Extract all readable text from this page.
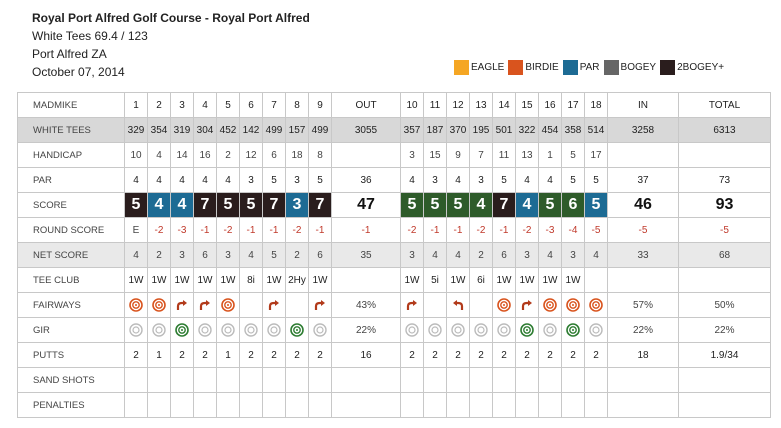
Royal Port Alfred Golf Course - Royal Port Alfred
White Tees 69.4 / 123
Port Alfred ZA
October 07, 2014	EAGLE BIRDIE PAR BOGEY 2BOGEY+
MADMIKE	1	2	3	4	5	6	7	8	9	OUT	10	11	12	13	14	15	16	17	18	IN	TOTAL
WHITE TEES	329	354	319	304	452	142	499	157	499	3055	357	187	370	195	501	322	454	358	514	3258	6313
HANDICAP	10	4	14	16	2	12	6	18	8		3	15	9	7	11	13	1	5	17		
PAR	4	4	4	4	4	3	5	3	5	36	4	3	4	3	5	4	4	5	5	37	73
SCORE	5	4	4	7	5	5	7	3	7	47	5	5	5	4	7	4	5	6	5	46	93
ROUND SCORE	E	-2	-3	-1	-2	-1	-1	-2	-1	-1	-2	-1	-1	-2	-1	-2	-3	-4	-5	-5	-5
NET SCORE	4	2	3	6	3	4	5	2	6	35	3	4	4	2	6	3	4	3	4	33	68
TEE CLUB	1W	1W	1W	1W	1W	8i	1W	2Hy	1W		1W	5i	1W	6i	1W	1W	1W	1W			
FAIRWAYS										43%										57%	50%
GIR										22%										22%	22%
PUTTS	2	1	2	2	1	2	2	2	2	16	2	2	2	2	2	2	2	2	2	18	1.9/34
SAND SHOTS																					
PENALTIES																					
